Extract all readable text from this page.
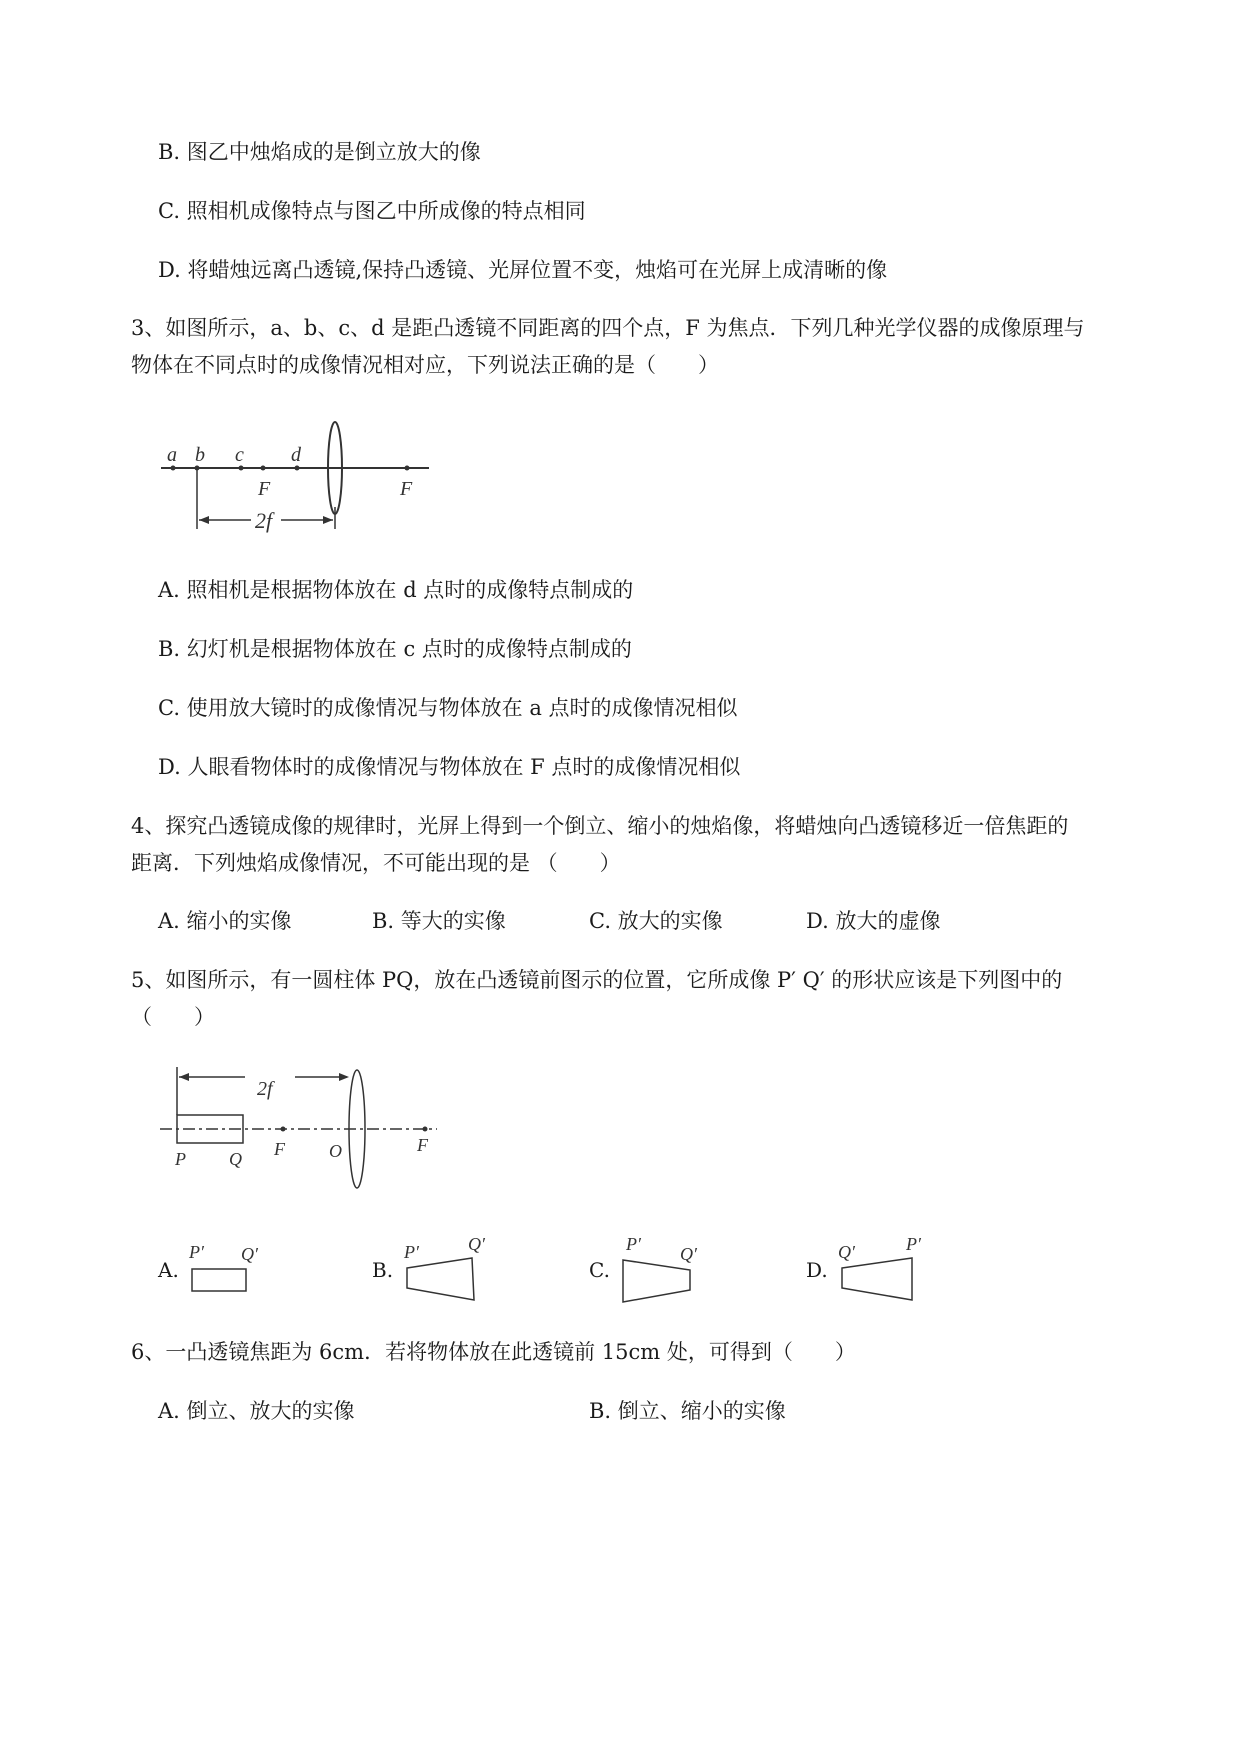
B. 图乙中烛焰成的是倒立放大的像
C. 照相机成像特点与图乙中所成像的特点相同
D. 将蜡烛远离凸透镜,保持凸透镜、光屏位置不变，烛焰可在光屏上成清晰的像
3、如图所示，a、b、c、d 是距凸透镜不同距离的四个点，F 为焦点．下列几种光学仪器的成像原理与
物体在不同点时的成像情况相对应，下列说法正确的是（　　）
a b c d
F	F
2f
A. 照相机是根据物体放在 d 点时的成像特点制成的
B. 幻灯机是根据物体放在 c 点时的成像特点制成的
C. 使用放大镜时的成像情况与物体放在 a 点时的成像情况相似
D. 人眼看物体时的成像情况与物体放在 F 点时的成像情况相似
4、探究凸透镜成像的规律时，光屏上得到一个倒立、缩小的烛焰像，将蜡烛向凸透镜移近一倍焦距的
距离．下列烛焰成像情况，不可能出现的是 （　　）
A. 缩小的实像	B. 等大的实像	C. 放大的实像	D. 放大的虚像
5、如图所示，有一圆柱体 PQ，放在凸透镜前图示的位置，它所成像 P′ Q′ 的形状应该是下列图中的
（　　）
2f
P Q F O	F
A.
P′ Q′
B.
P′	Q′
C.
P′ Q′
D.
Q′	P′
6、一凸透镜焦距为 6cm．若将物体放在此透镜前 15cm 处，可得到（　　）
A. 倒立、放大的实像	B. 倒立、缩小的实像
